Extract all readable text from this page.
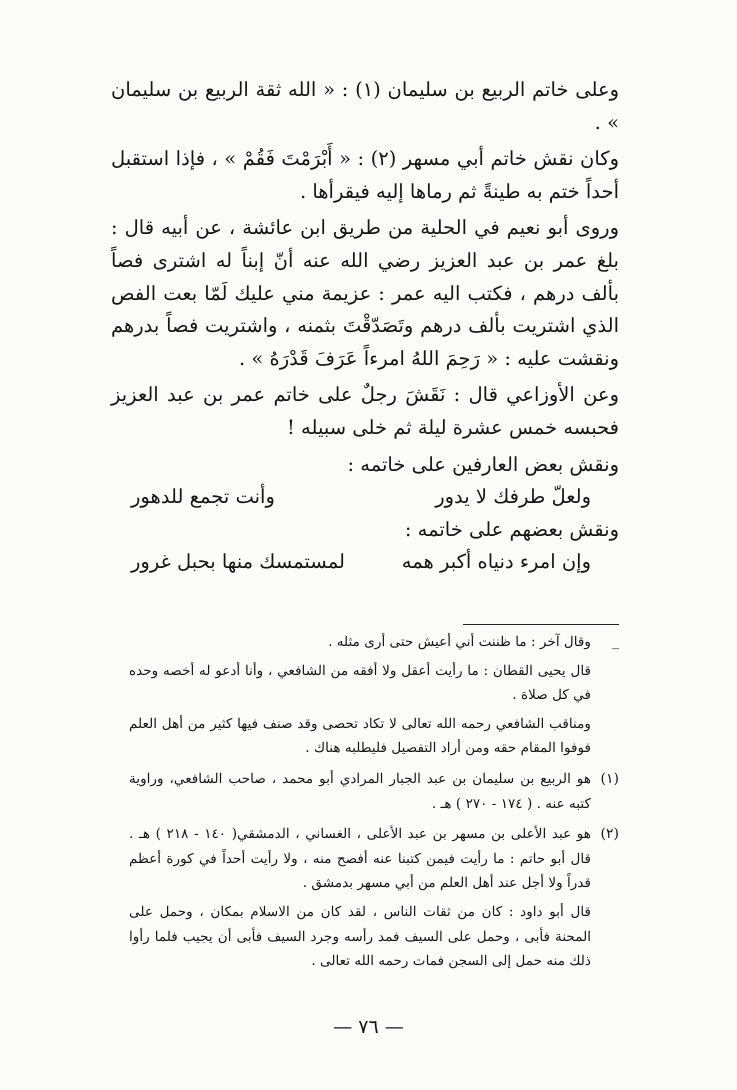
وعلى خاتم الربيع بن سليمان (١) : « الله ثقة الربيع بن سليمان » .

وكان نقش خاتم أبي مسهر (٢) : « أَبْرَمْتَ فَقُمْ » ، فإذا استقبل أحداً ختم به طينةً ثم رماها إليه فيقرأها .

وروى أبو نعيم في الحلية من طريق ابن عائشة ، عن أبيه قال : بلغ عمر بن عبد العزيز رضي الله عنه أنّ إبناً له اشترى فصاً بألف درهم ، فكتب اليه عمر : عزيمة مني عليك لَمّا بعت الفص الذي اشتريت بألف درهم وتَصَدّقْتَ بثمنه ، واشتريت فصاً بدرهم ونقشت عليه : « رَحِمَ اللهُ امرءاً عَرَفَ قَدْرَهُ » .

وعن الأوزاعي قال : نَقَشَ رجلٌ على خاتم عمر بن عبد العزيز فحبسه خمس عشرة ليلة ثم خلى سبيله !

ونقش بعض العارفين على خاتمه :

ولعلّ طرفك لا يدور
وأنت تجمع للدهور

ونقش بعضهم على خاتمه :

وإن امرء دنياه أكبر همه
لمستمسك منها بحبل غرور
_

وقال آخر : ما ظننت أني أعيش حتى أرى مثله .

قال يحيى القطان : ما رأيت أعقل ولا أفقه من الشافعي ، وأنا أدعو له أخصه وحده في كل صلاة .

ومناقب الشافعي رحمه الله تعالى لا تكاد تحصى وقد صنف فيها كثير من أهل العلم فوفوا المقام حقه ومن أراد التفصيل فليطلبه هناك .

(١)

هو الربيع بن سليمان بن عبد الجبار المرادي أبو محمد ، صاحب الشافعي، وراوية كتبه عنه . ( ١٧٤ - ٢٧٠ ) هـ .

(٢)

هو عبد الأعلى بن مسهر بن عبد الأعلى ، الغساني ، الدمشقي( ١٤٠ - ٢١٨ ) هـ . قال أبو حاتم : ما رأيت فيمن كتبنا عنه أفصح منه ، ولا رأيت أحداً في كورة أعظم قدراً ولا أجل عند أهل العلم من أبي مسهر بدمشق .

قال أبو داود : كان من ثقات الناس ، لقد كان من الاسلام بمكان ، وحمل على المحنة فأبى ، وحمل على السيف فمد رأسه وجرد السيف فأبى أن يجيب فلما رأوا ذلك منه حمل إلى السجن فمات رحمه الله تعالى .

— ٧٦ —
